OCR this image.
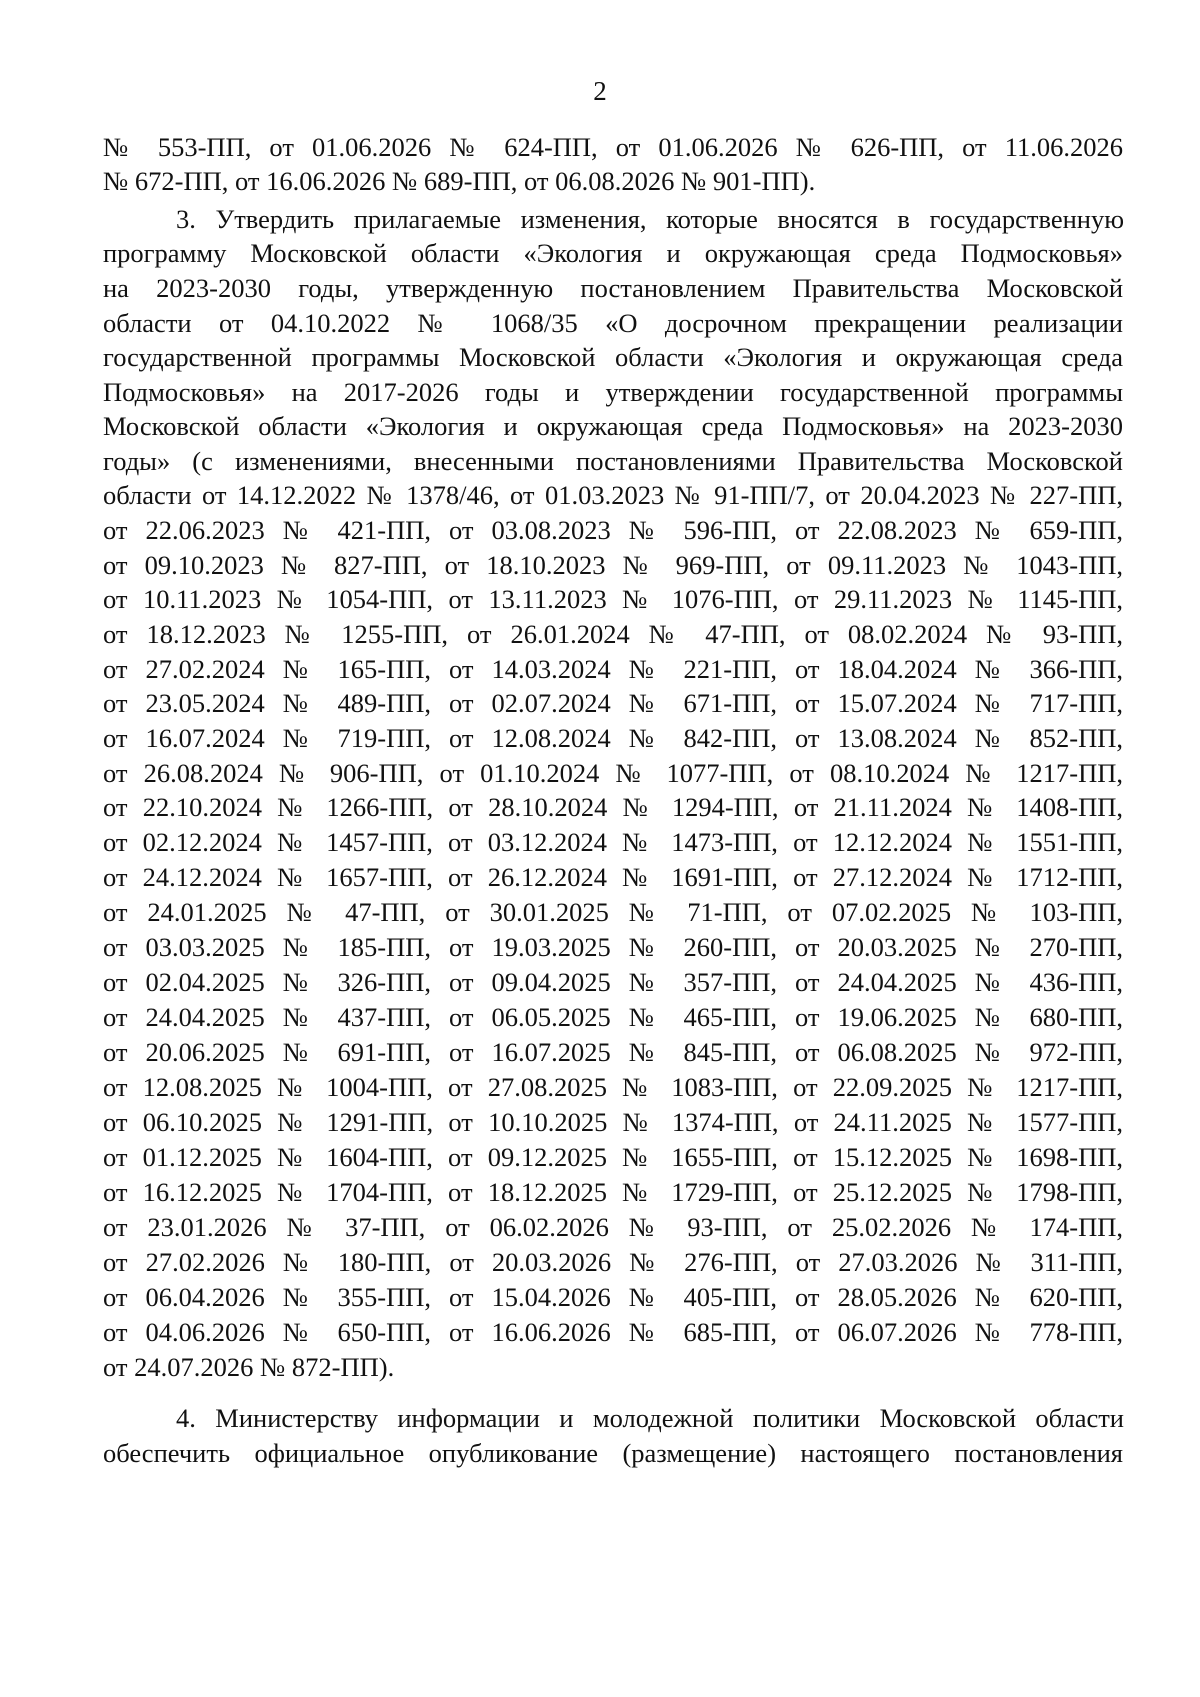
2
№ 553-ПП, от 01.06.2026 № 624-ПП, от 01.06.2026 № 626-ПП, от 11.06.2026
№ 672-ПП, от 16.06.2026 № 689-ПП, от 06.08.2026 № 901-ПП).
3. Утвердить прилагаемые изменения, которые вносятся в государственную
программу Московской области «Экология и окружающая среда Подмосковья»
на 2023-2030 годы, утвержденную постановлением Правительства Московской
области от 04.10.2022 № 1068/35 «О досрочном прекращении реализации
государственной программы Московской области «Экология и окружающая среда
Подмосковья» на 2017-2026 годы и утверждении государственной программы
Московской области «Экология и окружающая среда Подмосковья» на 2023-2030
годы» (с изменениями, внесенными постановлениями Правительства Московской
области от 14.12.2022 № 1378/46, от 01.03.2023 № 91-ПП/7, от 20.04.2023 № 227-ПП,
от 22.06.2023 № 421-ПП, от 03.08.2023 № 596-ПП, от 22.08.2023 № 659-ПП,
от 09.10.2023 № 827-ПП, от 18.10.2023 № 969-ПП, от 09.11.2023 № 1043-ПП,
от 10.11.2023 № 1054-ПП, от 13.11.2023 № 1076-ПП, от 29.11.2023 № 1145-ПП,
от 18.12.2023 № 1255-ПП, от 26.01.2024 № 47-ПП, от 08.02.2024 № 93-ПП,
от 27.02.2024 № 165-ПП, от 14.03.2024 № 221-ПП, от 18.04.2024 № 366-ПП,
от 23.05.2024 № 489-ПП, от 02.07.2024 № 671-ПП, от 15.07.2024 № 717-ПП,
от 16.07.2024 № 719-ПП, от 12.08.2024 № 842-ПП, от 13.08.2024 № 852-ПП,
от 26.08.2024 № 906-ПП, от 01.10.2024 № 1077-ПП, от 08.10.2024 № 1217-ПП,
от 22.10.2024 № 1266-ПП, от 28.10.2024 № 1294-ПП, от 21.11.2024 № 1408-ПП,
от 02.12.2024 № 1457-ПП, от 03.12.2024 № 1473-ПП, от 12.12.2024 № 1551-ПП,
от 24.12.2024 № 1657-ПП, от 26.12.2024 № 1691-ПП, от 27.12.2024 № 1712-ПП,
от 24.01.2025 № 47-ПП, от 30.01.2025 № 71-ПП, от 07.02.2025 № 103-ПП,
от 03.03.2025 № 185-ПП, от 19.03.2025 № 260-ПП, от 20.03.2025 № 270-ПП,
от 02.04.2025 № 326-ПП, от 09.04.2025 № 357-ПП, от 24.04.2025 № 436-ПП,
от 24.04.2025 № 437-ПП, от 06.05.2025 № 465-ПП, от 19.06.2025 № 680-ПП,
от 20.06.2025 № 691-ПП, от 16.07.2025 № 845-ПП, от 06.08.2025 № 972-ПП,
от 12.08.2025 № 1004-ПП, от 27.08.2025 № 1083-ПП, от 22.09.2025 № 1217-ПП,
от 06.10.2025 № 1291-ПП, от 10.10.2025 № 1374-ПП, от 24.11.2025 № 1577-ПП,
от 01.12.2025 № 1604-ПП, от 09.12.2025 № 1655-ПП, от 15.12.2025 № 1698-ПП,
от 16.12.2025 № 1704-ПП, от 18.12.2025 № 1729-ПП, от 25.12.2025 № 1798-ПП,
от 23.01.2026 № 37-ПП, от 06.02.2026 № 93-ПП, от 25.02.2026 № 174-ПП,
от 27.02.2026 № 180-ПП, от 20.03.2026 № 276-ПП, от 27.03.2026 № 311-ПП,
от 06.04.2026 № 355-ПП, от 15.04.2026 № 405-ПП, от 28.05.2026 № 620-ПП,
от 04.06.2026 № 650-ПП, от 16.06.2026 № 685-ПП, от 06.07.2026 № 778-ПП,
от 24.07.2026 № 872-ПП).
4. Министерству информации и молодежной политики Московской области
обеспечить официальное опубликование (размещение) настоящего постановления
